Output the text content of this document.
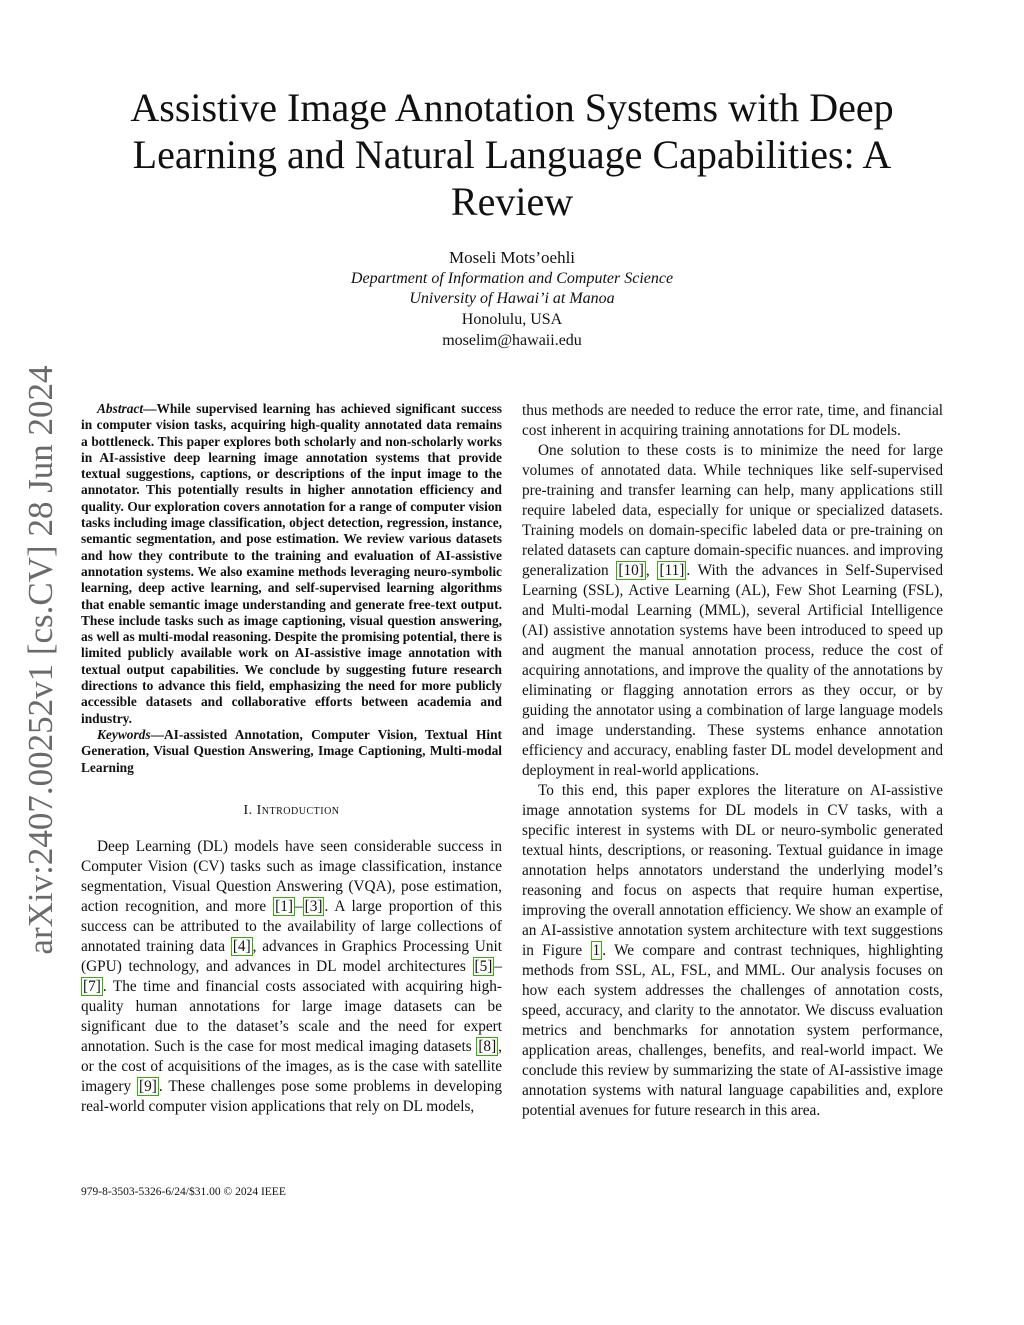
Assistive Image Annotation Systems with Deep Learning and Natural Language Capabilities: A Review
Moseli Mots’oehli
Department of Information and Computer Science
University of Hawai’i at Manoa
Honolulu, USA
moselim@hawaii.edu
arXiv:2407.00252v1 [cs.CV] 28 Jun 2024	Abstract—While supervised learning has achieved significant success in computer vision tasks, acquiring high-quality annotated data remains a bottleneck. This paper explores both scholarly and non-scholarly works in AI-assistive deep learning image annotation systems that provide textual suggestions, captions, or descriptions of the input image to the annotator. This potentially results in higher annotation efficiency and quality. Our exploration covers annotation for a range of computer vision tasks including image classification, object detection, regression, instance, semantic segmentation, and pose estimation. We review various datasets and how they contribute to the training and evaluation of AI-assistive annotation systems. We also examine methods leveraging neuro-symbolic learning, deep active learning, and self-supervised learning algorithms that enable semantic image understanding and generate free-text output. These include tasks such as image captioning, visual question answering, as well as multi-modal reasoning. Despite the promising potential, there is limited publicly available work on AI-assistive image annotation with textual output capabilities. We conclude by suggesting future research directions to advance this field, emphasizing the need for more publicly accessible datasets and collaborative efforts between academia and industry.

Keywords—AI-assisted Annotation, Computer Vision, Textual Hint Generation, Visual Question Answering, Image Captioning, Multi-modal Learning

I. Introduction

Deep Learning (DL) models have seen considerable success in Computer Vision (CV) tasks such as image classification, instance segmentation, Visual Question Answering (VQA), pose estimation, action recognition, and more [1] – [3] . A large proportion of this success can be attributed to the availability of large collections of annotated training data [4] , advances in Graphics Processing Unit (GPU) technology, and advances in DL model architectures [5] –[7] . The time and financial costs associated with acquiring high-quality human annotations for large image datasets can be significant due to the dataset’s scale and the need for expert annotation. Such is the case for most medical imaging datasets [8] , or the cost of acquisitions of the images, as is the case with satellite imagery [9] . These challenges pose some problems in developing real-world computer vision applications that rely on DL models,

thus methods are needed to reduce the error rate, time, and financial cost inherent in acquiring training annotations for DL models.

One solution to these costs is to minimize the need for large volumes of annotated data. While techniques like self-supervised pre-training and transfer learning can help, many applications still require labeled data, especially for unique or specialized datasets. Training models on domain-specific labeled data or pre-training on related datasets can capture domain-specific nuances. and improving generalization [10] , [11] . With the advances in Self-Supervised Learning (SSL), Active Learning (AL), Few Shot Learning (FSL), and Multi-modal Learning (MML), several Artificial Intelligence (AI) assistive annotation systems have been introduced to speed up and augment the manual annotation process, reduce the cost of acquiring annotations, and improve the quality of the annotations by eliminating or flagging annotation errors as they occur, or by guiding the annotator using a combination of large language models and image understanding. These systems enhance annotation efficiency and accuracy, enabling faster DL model development and deployment in real-world applications.

To this end, this paper explores the literature on AI-assistive image annotation systems for DL models in CV tasks, with a specific interest in systems with DL or neuro-symbolic generated textual hints, descriptions, or reasoning. Textual guidance in image annotation helps annotators understand the underlying model’s reasoning and focus on aspects that require human expertise, improving the overall annotation efficiency. We show an example of an AI-assistive annotation system architecture with text suggestions in Figure 1 . We compare and contrast techniques, highlighting methods from SSL, AL, FSL, and MML. Our analysis focuses on how each system addresses the challenges of annotation costs, speed, accuracy, and clarity to the annotator. We discuss evaluation metrics and benchmarks for annotation system performance, application areas, challenges, benefits, and real-world impact. We conclude this review by summarizing the state of AI-assistive image annotation systems with natural language capabilities and, explore potential avenues for future research in this area.

979-8-3503-5326-6/24/$31.00 © 2024 IEEE
